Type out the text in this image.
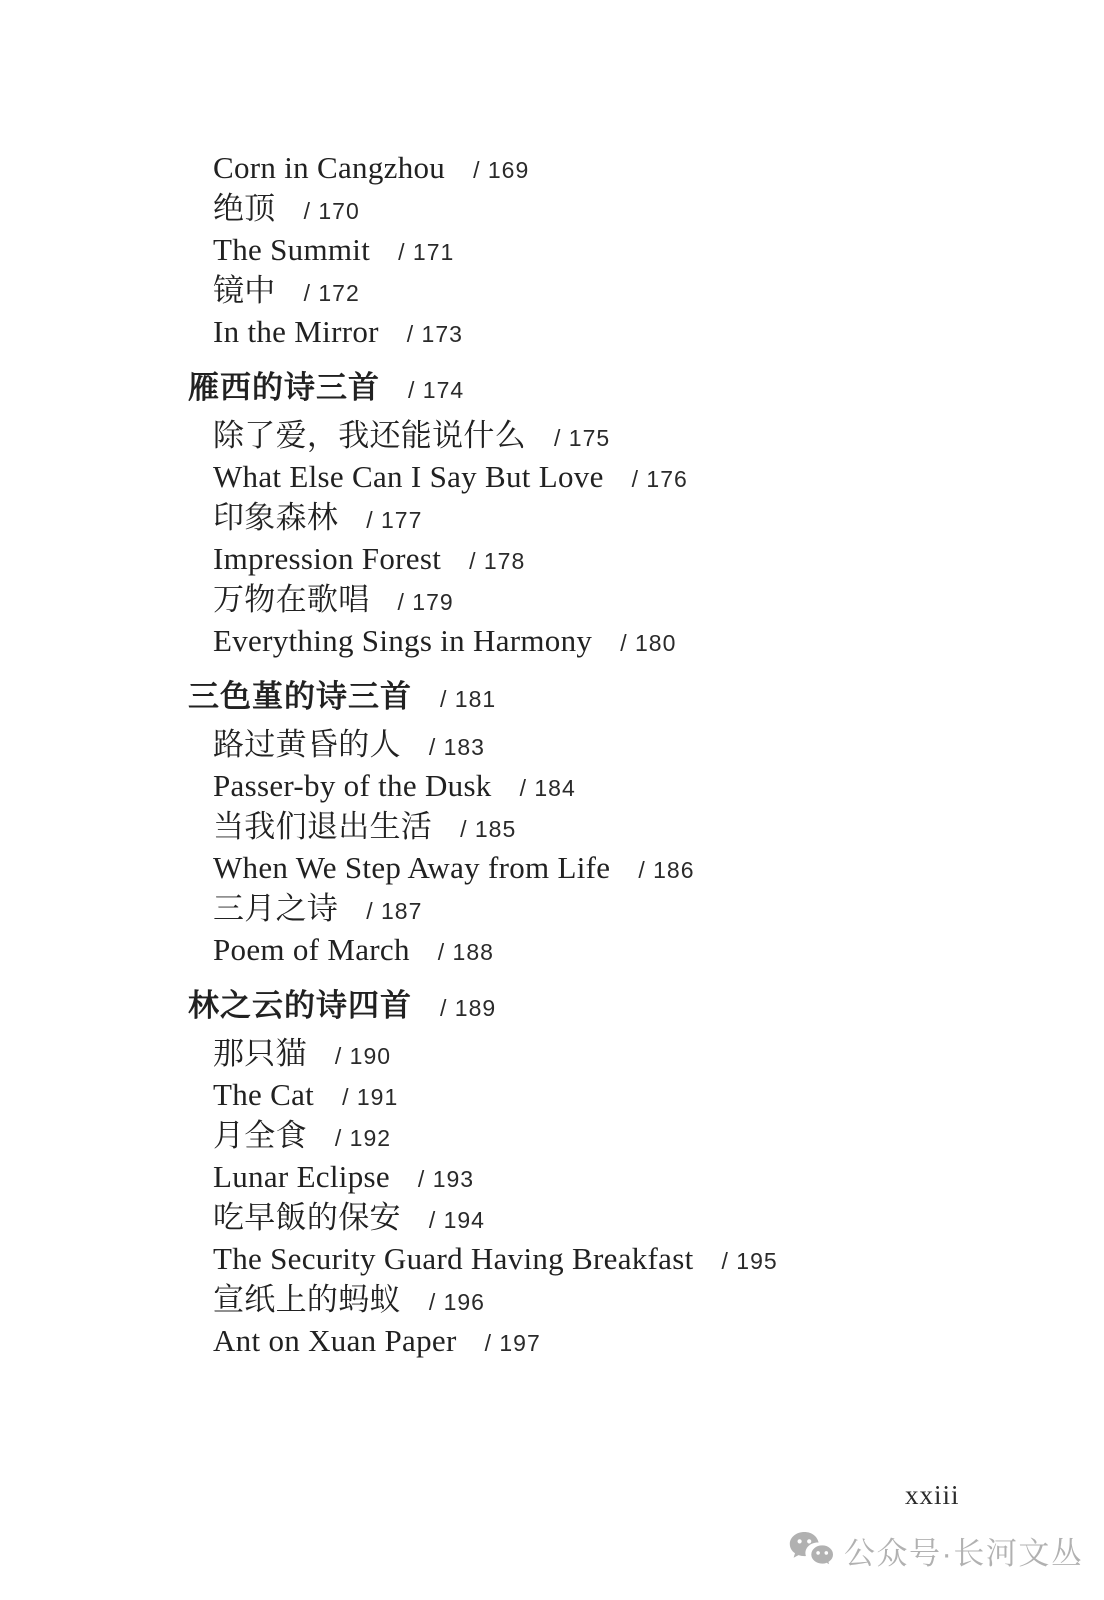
Corn in Cangzhou / 169
绝顶 / 170
The Summit / 171
镜中 / 172
In the Mirror / 173
雁西的诗三首 / 174
除了爱，我还能说什么 / 175
What Else Can I Say But Love / 176
印象森林 / 177
Impression Forest / 178
万物在歌唱 / 179
Everything Sings in Harmony / 180
三色堇的诗三首 / 181
路过黄昏的人 / 183
Passer-by of the Dusk / 184
当我们退出生活 / 185
When We Step Away from Life / 186
三月之诗 / 187
Poem of March / 188
林之云的诗四首 / 189
那只猫 / 190
The Cat / 191
月全食 / 192
Lunar Eclipse / 193
吃早飯的保安 / 194
The Security Guard Having Breakfast / 195
宣纸上的蚂蚁 / 196
Ant on Xuan Paper / 197
xxiii
公众号·长河文丛
